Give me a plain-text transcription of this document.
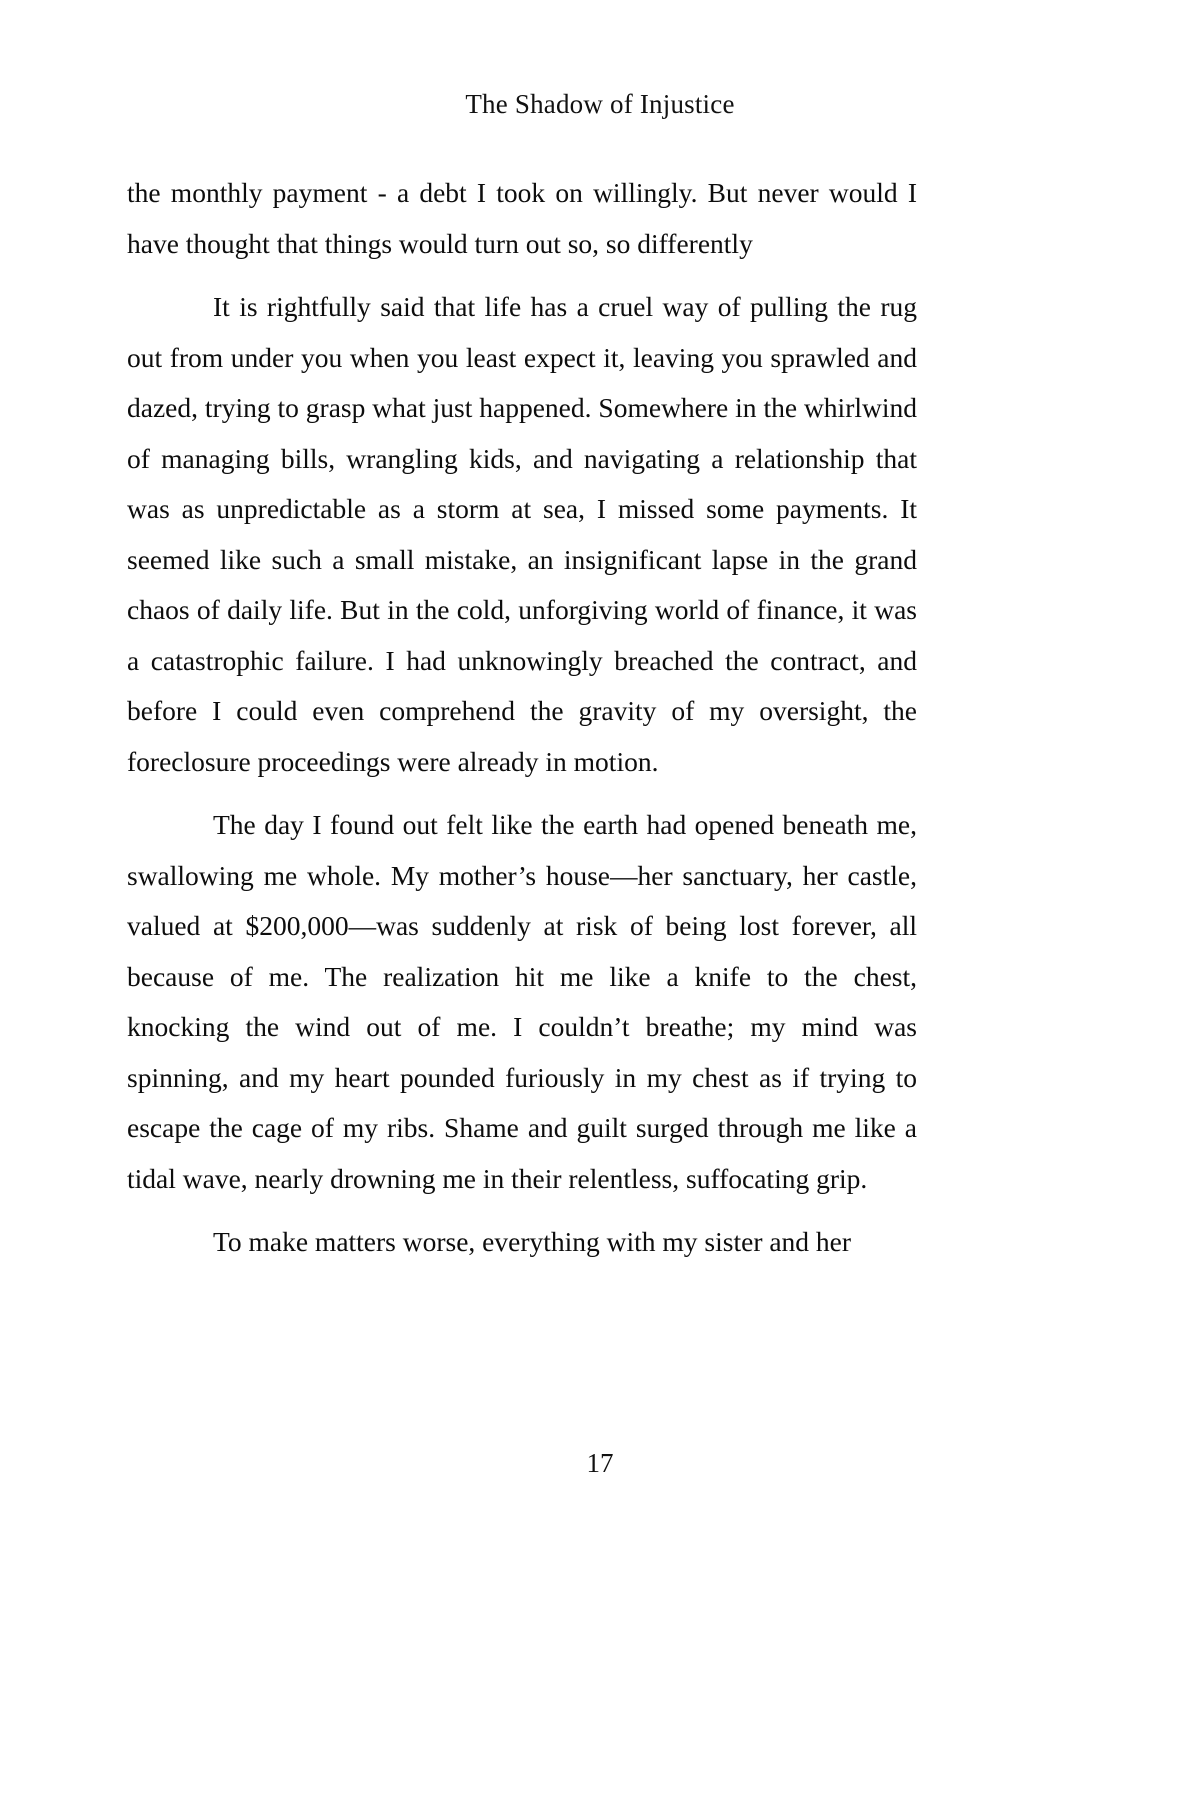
The Shadow of Injustice

the monthly payment - a debt I took on willingly. But never would I have thought that things would turn out so, so differently

It is rightfully said that life has a cruel way of pulling the rug out from under you when you least expect it, leaving you sprawled and dazed, trying to grasp what just happened. Somewhere in the whirlwind of managing bills, wrangling kids, and navigating a relationship that was as unpredictable as a storm at sea, I missed some payments. It seemed like such a small mistake, an insignificant lapse in the grand chaos of daily life. But in the cold, unforgiving world of finance, it was a catastrophic failure. I had unknowingly breached the contract, and before I could even comprehend the gravity of my oversight, the foreclosure proceedings were already in motion.

The day I found out felt like the earth had opened beneath me, swallowing me whole. My mother’s house—her sanctuary, her castle, valued at $200,000—was suddenly at risk of being lost forever, all because of me. The realization hit me like a knife to the chest, knocking the wind out of me. I couldn’t breathe; my mind was spinning, and my heart pounded furiously in my chest as if trying to escape the cage of my ribs. Shame and guilt surged through me like a tidal wave, nearly drowning me in their relentless, suffocating grip.

To make matters worse, everything with my sister and her

17
